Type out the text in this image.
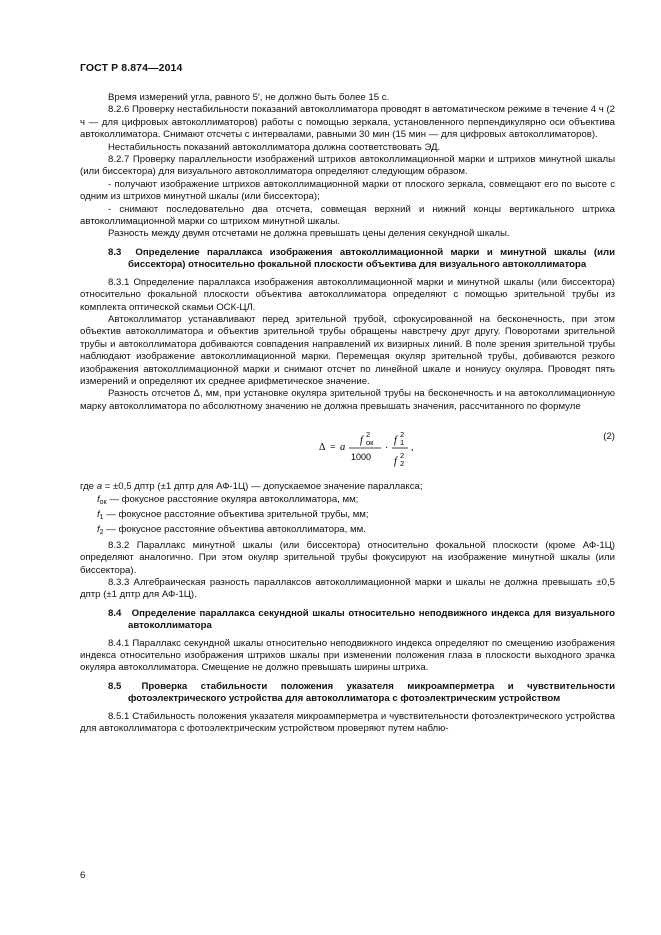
ГОСТ Р 8.874—2014

Время измерений угла, равного 5′, не должно быть более 15 с.

8.2.6 Проверку нестабильности показаний автоколлиматора проводят в автоматическом режиме в течение 4 ч (2 ч — для цифровых автоколлиматоров) работы с помощью зеркала, установленного перпендикулярно оси объектива автоколлиматора. Снимают отсчеты с интервалами, равными 30 мин (15 мин — для цифровых автоколлиматоров).

Нестабильность показаний автоколлиматора должна соответствовать ЭД.

8.2.7 Проверку параллельности изображений штрихов автоколлимационной марки и штрихов минутной шкалы (или биссектора) для визуального автоколлиматора определяют следующим образом.

- получают изображение штрихов автоколлимационной марки от плоского зеркала, совмещают его по высоте с одним из штрихов минутной шкалы (или биссектора);

- снимают последовательно два отсчета, совмещая верхний и нижний концы вертикального штриха автоколлимационной марки со штрихом минутной шкалы.

Разность между двумя отсчетами не должна превышать цены деления секундной шкалы.

8.3 Определение параллакса изображения автоколлимационной марки и минутной шкалы (или биссектора) относительно фокальной плоскости объектива для визуального автоколлиматора

8.3.1 Определение параллакса изображения автоколлимационной марки и минутной шкалы (или биссектора) относительно фокальной плоскости объектива автоколлиматора определяют с помощью зрительной трубы из комплекта оптической скамьи ОСК-ЦЛ.

Автоколлиматор устанавливают перед зрительной трубой, сфокусированной на бесконечность, при этом объектив автоколлиматора и объектив зрительной трубы обращены навстречу друг другу. Поворотами зрительной трубы и автоколлиматора добиваются совпадения направлений их визирных линий. В поле зрения зрительной трубы наблюдают изображение автоколлимационной марки. Перемещая окуляр зрительной трубы, добиваются резкого изображения автоколлимационной марки и снимают отсчет по линейной шкале и нониусу окуляра. Проводят пять измерений и определяют их среднее арифметическое значение.

Разность отсчетов Δ, мм, при установке окуляра зрительной трубы на бесконечность и на автоколлимационную марку автоколлиматора по абсолютному значению не должна превышать значения, рассчитанного по формуле

Δ = a
f
2
ок
1000
·
f
2
1
f
2
2
,
(2)

где a = ±0,5 дптр (±1 дптр для АФ-1Ц) — допускаемое значение параллакса;

$f_{ок}$ — фокусное расстояние окуляра автоколлиматора, мм;

$f_1$ — фокусное расстояние объектива зрительной трубы, мм;

$f_2$ — фокусное расстояние объектива автоколлиматора, мм.

8.3.2 Параллакс минутной шкалы (или биссектора) относительно фокальной плоскости (кроме АФ-1Ц) определяют аналогично. При этом окуляр зрительной трубы фокусируют на изображение минутной шкалы (или биссектора).

8.3.3 Алгебраическая разность параллаксов автоколлимационной марки и шкалы не должна превышать ±0,5 дптр (±1 дптр для АФ-1Ц).

8.4 Определение параллакса секундной шкалы относительно неподвижного индекса для визуального автоколлиматора

8.4.1 Параллакс секундной шкалы относительно неподвижного индекса определяют по смещению изображения индекса относительно изображения штрихов шкалы при изменении положения глаза в плоскости выходного зрачка окуляра автоколлиматора. Смещение не должно превышать ширины штриха.

8.5 Проверка стабильности положения указателя микроамперметра и чувствительности фотоэлектрического устройства для автоколлиматора с фотоэлектрическим устройством

8.5.1 Стабильность положения указателя микроамперметра и чувствительности фотоэлектрического устройства для автоколлиматора с фотоэлектрическим устройством проверяют путем наблю-

6
